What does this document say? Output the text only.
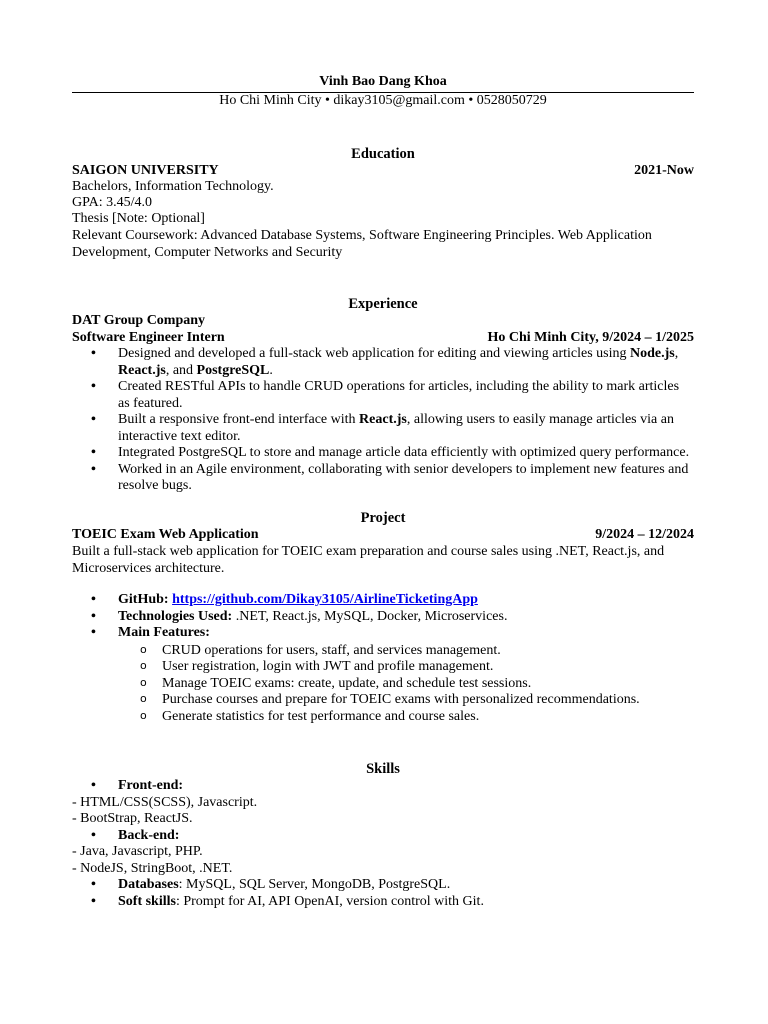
Vinh Bao Dang Khoa
Ho Chi Minh City • dikay3105@gmail.com • 0528050729
Education
SAIGON UNIVERSITY	2021-Now
Bachelors, Information Technology.
GPA: 3.45/4.0
Thesis [Note: Optional]
Relevant Coursework: Advanced Database Systems, Software Engineering Principles. Web Application Development, Computer Networks and Security
Experience
DAT Group Company
Software Engineer Intern	Ho Chi Minh City, 9/2024 – 1/2025
• Designed and developed a full-stack web application for editing and viewing articles using Node.js, React.js, and PostgreSQL.
• Created RESTful APIs to handle CRUD operations for articles, including the ability to mark articles as featured.
• Built a responsive front-end interface with React.js, allowing users to easily manage articles via an interactive text editor.
• Integrated PostgreSQL to store and manage article data efficiently with optimized query performance.
• Worked in an Agile environment, collaborating with senior developers to implement new features and resolve bugs.
Project
TOEIC Exam Web Application	9/2024 – 12/2024
Built a full-stack web application for TOEIC exam preparation and course sales using .NET, React.js, and Microservices architecture.
• GitHub: https://github.com/Dikay3105/AirlineTicketingApp
• Technologies Used: .NET, React.js, MySQL, Docker, Microservices.
• Main Features:
o CRUD operations for users, staff, and services management.
o User registration, login with JWT and profile management.
o Manage TOEIC exams: create, update, and schedule test sessions.
o Purchase courses and prepare for TOEIC exams with personalized recommendations.
o Generate statistics for test performance and course sales.
Skills
• Front-end:
- HTML/CSS(SCSS), Javascript.
- BootStrap, ReactJS.
• Back-end:
- Java, Javascript, PHP.
- NodeJS, StringBoot, .NET.
• Databases: MySQL, SQL Server, MongoDB, PostgreSQL.
• Soft skills: Prompt for AI, API OpenAI, version control with Git.
